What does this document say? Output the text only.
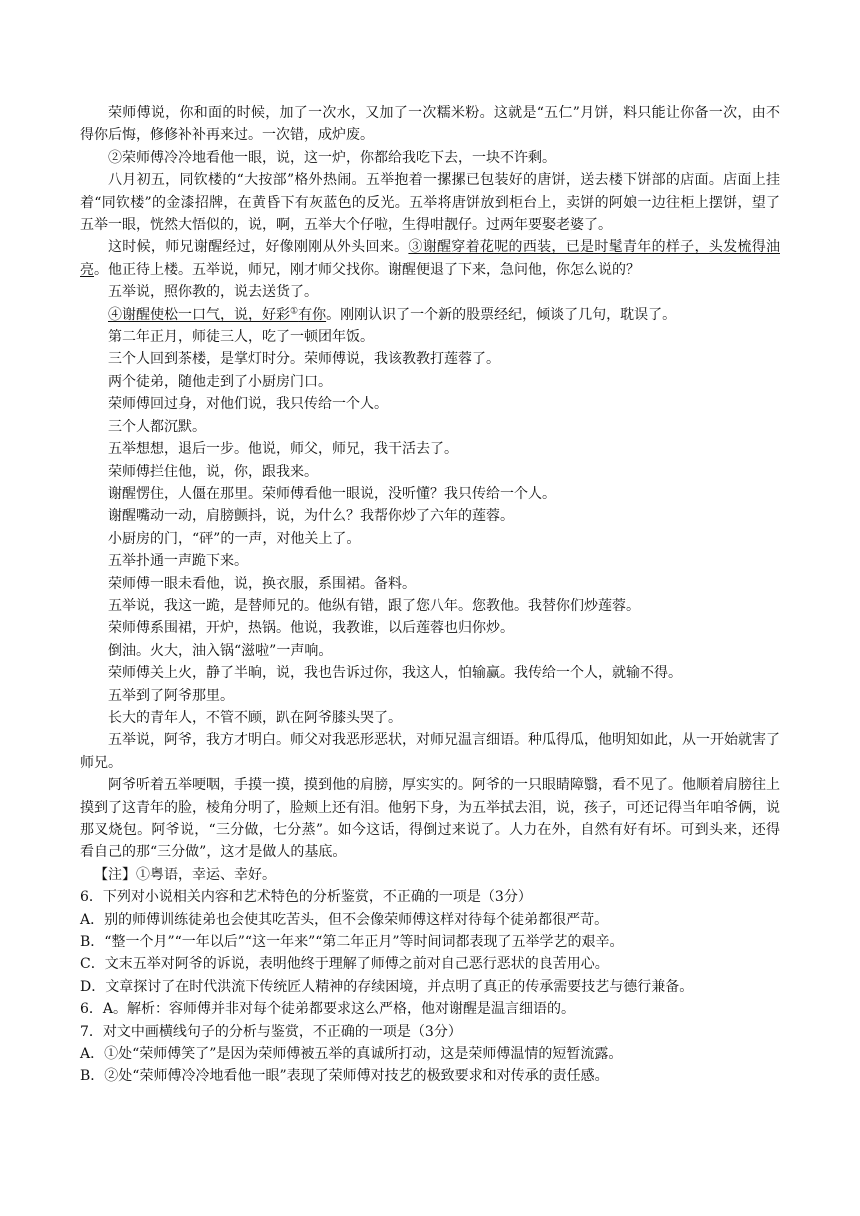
荣师傅说，你和面的时候，加了一次水，又加了一次糯米粉。这就是“五仁”月饼，料只能让你备一次，由不得你后悔，修修补补再来过。一次错，成炉废。

②荣师傅冷冷地看他一眼，说，这一炉，你都给我吃下去，一块不许剩。

八月初五，同钦楼的“大按部”格外热闹。五举抱着一摞摞已包装好的唐饼，送去楼下饼部的店面。店面上挂着“同钦楼”的金漆招牌，在黄昏下有灰蓝色的反光。五举将唐饼放到柜台上，卖饼的阿娘一边往柜上摆饼，望了五举一眼，恍然大悟似的，说，啊，五举大个仔啦，生得咁靓仔。过两年要娶老婆了。

这时候，师兄谢醒经过，好像刚刚从外头回来。③谢醒穿着花呢的西装，已是时髦青年的样子，头发梳得油亮。他正待上楼。五举说，师兄，刚才师父找你。谢醒便退了下来，急问他，你怎么说的？

五举说，照你教的，说去送货了。

④谢醒使松一口气，说，好彩①有你。刚刚认识了一个新的股票经纪，倾谈了几句，耽误了。

第二年正月，师徒三人，吃了一顿团年饭。

三个人回到茶楼，是掌灯时分。荣师傅说，我该教教打莲蓉了。

两个徒弟，随他走到了小厨房门口。

荣师傅回过身，对他们说，我只传给一个人。

三个人都沉默。

五举想想，退后一步。他说，师父，师兄，我干活去了。

荣师傅拦住他，说，你，跟我来。

谢醒愣住，人僵在那里。荣师傅看他一眼说，没听懂？我只传给一个人。

谢醒嘴动一动，肩膀颤抖，说，为什么？我帮你炒了六年的莲蓉。

小厨房的门，“砰”的一声，对他关上了。

五举扑通一声跪下来。

荣师傅一眼未看他，说，换衣服，系围裙。备料。

五举说，我这一跪，是替师兄的。他纵有错，跟了您八年。您教他。我替你们炒莲蓉。

荣师傅系围裙，开炉，热锅。他说，我教谁，以后莲蓉也归你炒。

倒油。火大，油入锅“滋啦”一声响。

荣师傅关上火，静了半晌，说，我也告诉过你，我这人，怕输赢。我传给一个人，就输不得。

五举到了阿爷那里。

长大的青年人，不管不顾，趴在阿爷膝头哭了。

五举说，阿爷，我方才明白。师父对我恶形恶状，对师兄温言细语。种瓜得瓜，他明知如此，从一开始就害了师兄。

阿爷听着五举哽咽，手摸一摸，摸到他的肩膀，厚实实的。阿爷的一只眼睛障翳，看不见了。他顺着肩膀往上摸到了这青年的脸，棱角分明了，脸颊上还有泪。他躬下身，为五举拭去泪，说，孩子，可还记得当年咱爷俩，说那叉烧包。阿爷说，“三分做，七分蒸”。如今这话，得倒过来说了。人力在外，自然有好有坏。可到头来，还得看自己的那“三分做”，这才是做人的基底。

【注】①粤语，幸运、幸好。

6．下列对小说相关内容和艺术特色的分析鉴赏，不正确的一项是（3分）

A．别的师傅训练徒弟也会使其吃苦头，但不会像荣师傅这样对待每个徒弟都很严苛。

B．“整一个月”“一年以后”“这一年来”“第二年正月”等时间词都表现了五举学艺的艰辛。

C．文末五举对阿爷的诉说，表明他终于理解了师傅之前对自己恶行恶状的良苦用心。

D．文章探讨了在时代洪流下传统匠人精神的存续困境，并点明了真正的传承需要技艺与德行兼备。

6．A。解析：容师傅并非对每个徒弟都要求这么严格，他对谢醒是温言细语的。

7．对文中画横线句子的分析与鉴赏，不正确的一项是（3分）

A．①处“荣师傅笑了”是因为荣师傅被五举的真诚所打动，这是荣师傅温情的短暂流露。

B．②处“荣师傅冷冷地看他一眼”表现了荣师傅对技艺的极致要求和对传承的责任感。
